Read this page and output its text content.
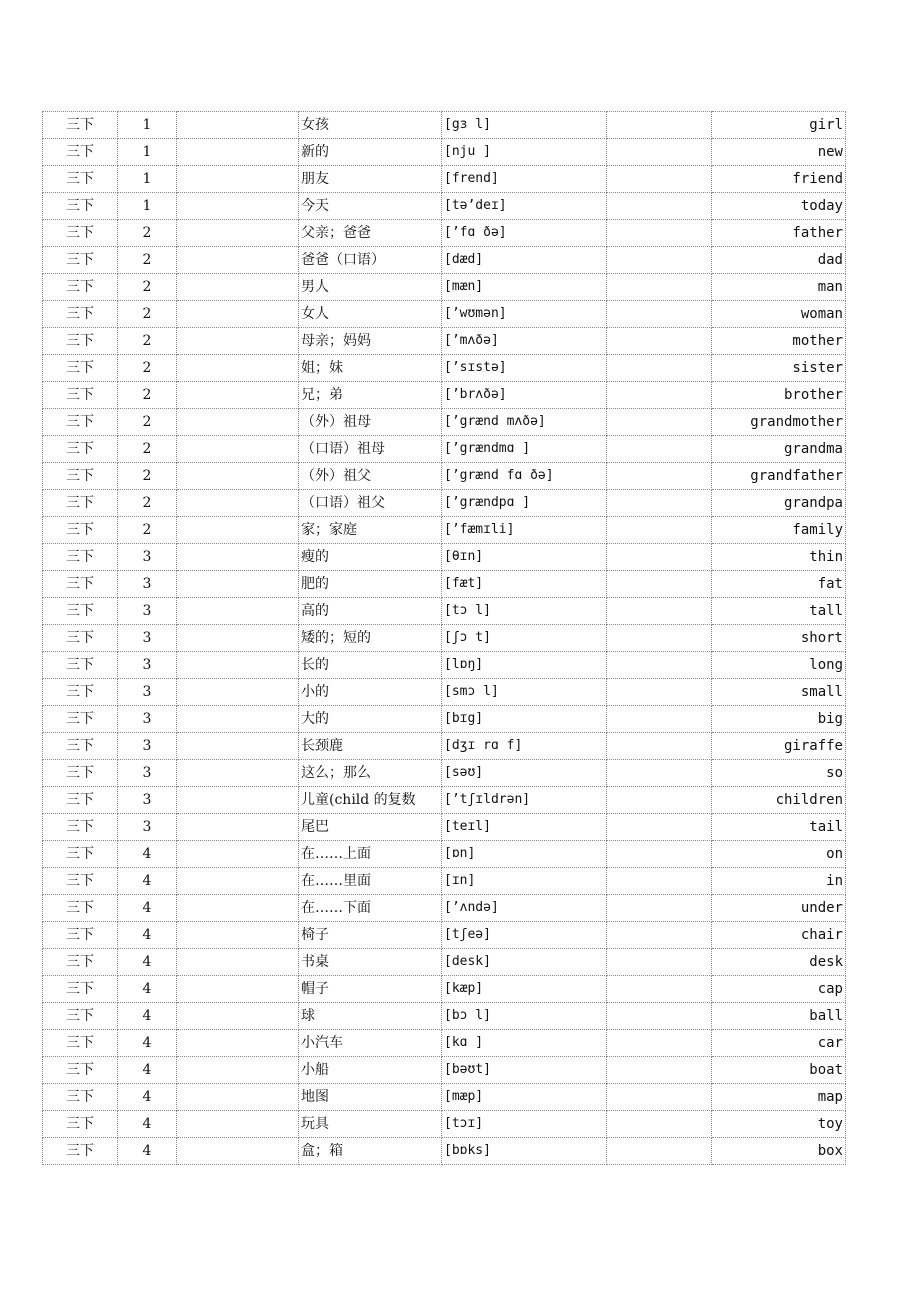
三下	1		女孩	[gɜ l]		girl
三下	1		新的	[nju ]		new
三下	1		朋友	[frend]		friend
三下	1		今天	[tə’deɪ]		today
三下	2		父亲；爸爸	[’fɑ ðə]		father
三下	2		爸爸（口语）	[dæd]		dad
三下	2		男人	[mæn]		man
三下	2		女人	[’wʊmən]		woman
三下	2		母亲；妈妈	[’mʌðə]		mother
三下	2		姐；妹	[’sɪstə]		sister
三下	2		兄；弟	[’brʌðə]		brother
三下	2		（外）祖母	[’grænd mʌðə]		grandmother
三下	2		（口语）祖母	[’grændmɑ ]		grandma
三下	2		（外）祖父	[’grænd fɑ ðə]		grandfather
三下	2		（口语）祖父	[’grændpɑ ]		grandpa
三下	2		家；家庭	[’fæmɪli]		family
三下	3		瘦的	[θɪn]		thin
三下	3		肥的	[fæt]		fat
三下	3		高的	[tɔ l]		tall
三下	3		矮的；短的	[ʃɔ t]		short
三下	3		长的	[lɒŋ]		long
三下	3		小的	[smɔ l]		small
三下	3		大的	[bɪg]		big
三下	3		长颈鹿	[dʒɪ rɑ f]		giraffe
三下	3		这么；那么	[səʊ]		so
三下	3		儿童(child 的复数	[’tʃɪldrən]		children
三下	3		尾巴	[teɪl]		tail
三下	4		在……上面	[ɒn]		on
三下	4		在……里面	[ɪn]		in
三下	4		在……下面	[’ʌndə]		under
三下	4		椅子	[tʃeə]		chair
三下	4		书桌	[desk]		desk
三下	4		帽子	[kæp]		cap
三下	4		球	[bɔ l]		ball
三下	4		小汽车	[kɑ ]		car
三下	4		小船	[bəʊt]		boat
三下	4		地图	[mæp]		map
三下	4		玩具	[tɔɪ]		toy
三下	4		盒；箱	[bɒks]		box
